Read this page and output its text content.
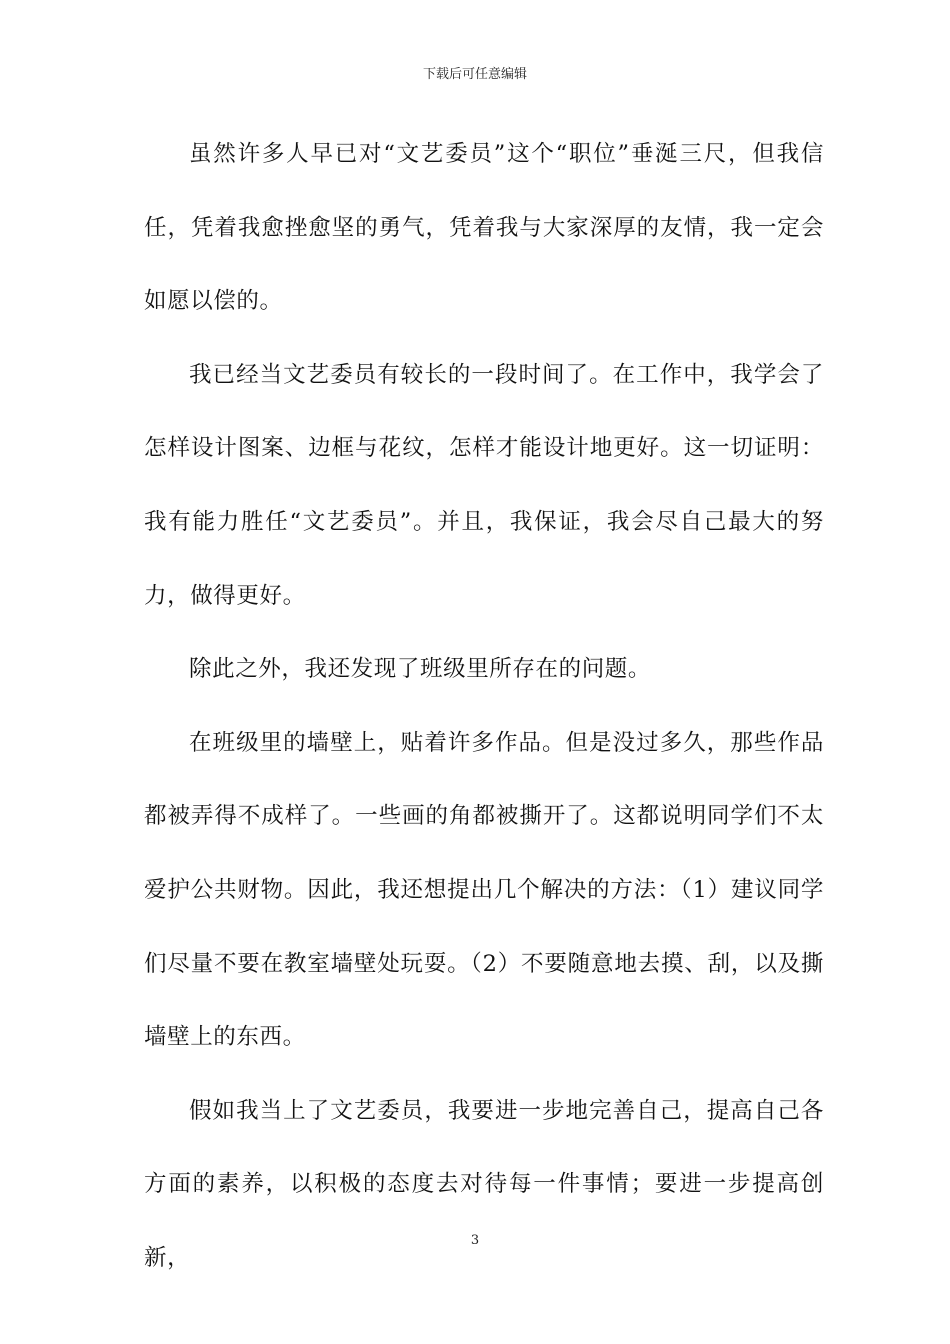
下载后可任意编辑

虽然许多人早已对“文艺委员”这个“职位”垂涎三尺，但我信任，凭着我愈挫愈坚的勇气，凭着我与大家深厚的友情，我一定会如愿以偿的。

我已经当文艺委员有较长的一段时间了。在工作中，我学会了怎样设计图案、边框与花纹，怎样才能设计地更好。这一切证明：我有能力胜任“文艺委员”。并且，我保证，我会尽自己最大的努力，做得更好。

除此之外，我还发现了班级里所存在的问题。

在班级里的墙壁上，贴着许多作品。但是没过多久，那些作品都被弄得不成样了。一些画的角都被撕开了。这都说明同学们不太爱护公共财物。因此，我还想提出几个解决的方法：（1）建议同学们尽量不要在教室墙壁处玩耍。（2）不要随意地去摸、刮，以及撕墙壁上的东西。

假如我当上了文艺委员，我要进一步地完善自己，提高自己各方面的素养，以积极的态度去对待每一件事情；要进一步提高创新，

3
